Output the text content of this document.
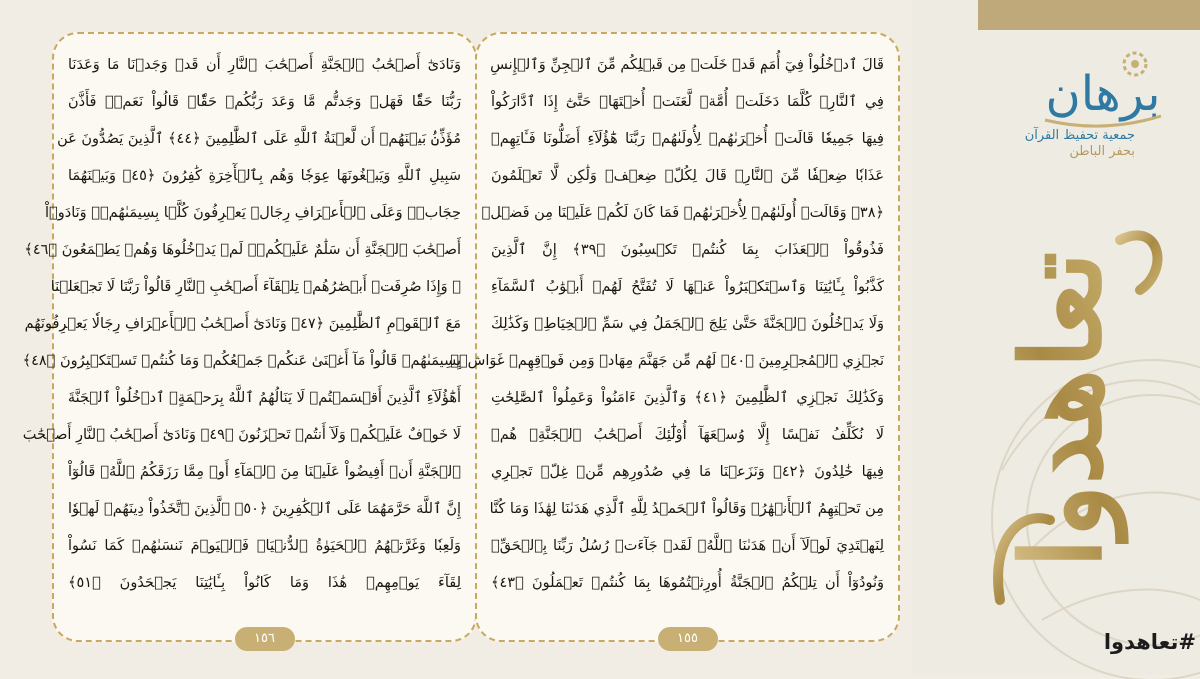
وَنَادَىٰٓ أَصۡحَٰبُ ٱلۡجَنَّةِ أَصۡحَٰبَ ٱلنَّارِ أَن قَدۡ وَجَدۡنَا مَا وَعَدَنَا
رَبُّنَا حَقّٗا فَهَلۡ وَجَدتُّم مَّا وَعَدَ رَبُّكُمۡ حَقّٗاۖ قَالُواْ نَعَمۡۚ فَأَذَّنَ
مُؤَذِّنُۢ بَيۡنَهُمۡ أَن لَّعۡنَةُ ٱللَّهِ عَلَى ٱلظَّٰلِمِينَ ﴿٤٤﴾ ٱلَّذِينَ يَصُدُّونَ عَن
سَبِيلِ ٱللَّهِ وَيَبۡغُونَهَا عِوَجٗا وَهُم بِٱلۡأٓخِرَةِ كَٰفِرُونَ ﴿٤٥﴾ وَبَيۡنَهُمَا
حِجَابٞۚ وَعَلَى ٱلۡأَعۡرَافِ رِجَالٞ يَعۡرِفُونَ كُلَّۢا بِسِيمَىٰهُمۡۚ وَنَادَوۡاْ
أَصۡحَٰبَ ٱلۡجَنَّةِ أَن سَلَٰمٌ عَلَيۡكُمۡۚ لَمۡ يَدۡخُلُوهَا وَهُمۡ يَطۡمَعُونَ ﴿٤٦﴾
۞ وَإِذَا صُرِفَتۡ أَبۡصَٰرُهُمۡ تِلۡقَآءَ أَصۡحَٰبِ ٱلنَّارِ قَالُواْ رَبَّنَا لَا تَجۡعَلۡنَا
مَعَ ٱلۡقَوۡمِ ٱلظَّٰلِمِينَ ﴿٤٧﴾ وَنَادَىٰٓ أَصۡحَٰبُ ٱلۡأَعۡرَافِ رِجَالٗا يَعۡرِفُونَهُم
بِسِيمَىٰهُمۡ قَالُواْ مَآ أَغۡنَىٰ عَنكُمۡ جَمۡعُكُمۡ وَمَا كُنتُمۡ تَسۡتَكۡبِرُونَ ﴿٤٨﴾
أَهَٰٓؤُلَآءِ ٱلَّذِينَ أَقۡسَمۡتُمۡ لَا يَنَالُهُمُ ٱللَّهُ بِرَحۡمَةٍۚ ٱدۡخُلُواْ ٱلۡجَنَّةَ
لَا خَوۡفٌ عَلَيۡكُمۡ وَلَآ أَنتُمۡ تَحۡزَنُونَ ﴿٤٩﴾ وَنَادَىٰٓ أَصۡحَٰبُ ٱلنَّارِ أَصۡحَٰبَ
ٱلۡجَنَّةِ أَنۡ أَفِيضُواْ عَلَيۡنَا مِنَ ٱلۡمَآءِ أَوۡ مِمَّا رَزَقَكُمُ ٱللَّهُۚ قَالُوٓاْ
إِنَّ ٱللَّهَ حَرَّمَهُمَا عَلَى ٱلۡكَٰفِرِينَ ﴿٥٠﴾ ٱلَّذِينَ ٱتَّخَذُواْ دِينَهُمۡ لَهۡوٗا
وَلَعِبٗا وَغَرَّتۡهُمُ ٱلۡحَيَوٰةُ ٱلدُّنۡيَاۚ فَٱلۡيَوۡمَ نَنسَىٰهُمۡ كَمَا نَسُواْ
لِقَآءَ يَوۡمِهِمۡ هَٰذَا وَمَا كَانُواْ بِـَٔايَٰتِنَا يَجۡحَدُونَ ﴿٥١﴾
١٥٦
قَالَ ٱدۡخُلُواْ فِيٓ أُمَمٖ قَدۡ خَلَتۡ مِن قَبۡلِكُم مِّنَ ٱلۡجِنِّ وَٱلۡإِنسِ
فِي ٱلنَّارِۖ كُلَّمَا دَخَلَتۡ أُمَّةٞ لَّعَنَتۡ أُخۡتَهَاۖ حَتَّىٰٓ إِذَا ٱدَّارَكُواْ
فِيهَا جَمِيعٗا قَالَتۡ أُخۡرَىٰهُمۡ لِأُولَىٰهُمۡ رَبَّنَا هَٰٓؤُلَآءِ أَضَلُّونَا فَـَٔاتِهِمۡ
عَذَابٗا ضِعۡفٗا مِّنَ ٱلنَّارِۖ قَالَ لِكُلّٖ ضِعۡفٞ وَلَٰكِن لَّا تَعۡلَمُونَ
﴿٣٨﴾ وَقَالَتۡ أُولَىٰهُمۡ لِأُخۡرَىٰهُمۡ فَمَا كَانَ لَكُمۡ عَلَيۡنَا مِن فَضۡلٖ
فَذُوقُواْ ٱلۡعَذَابَ بِمَا كُنتُمۡ تَكۡسِبُونَ ﴿٣٩﴾ إِنَّ ٱلَّذِينَ
كَذَّبُواْ بِـَٔايَٰتِنَا وَٱسۡتَكۡبَرُواْ عَنۡهَا لَا تُفَتَّحُ لَهُمۡ أَبۡوَٰبُ ٱلسَّمَآءِ
وَلَا يَدۡخُلُونَ ٱلۡجَنَّةَ حَتَّىٰ يَلِجَ ٱلۡجَمَلُ فِي سَمِّ ٱلۡخِيَاطِۚ وَكَذَٰلِكَ
نَجۡزِي ٱلۡمُجۡرِمِينَ ﴿٤٠﴾ لَهُم مِّن جَهَنَّمَ مِهَادٞ وَمِن فَوۡقِهِمۡ غَوَاشٖۚ
وَكَذَٰلِكَ نَجۡزِي ٱلظَّٰلِمِينَ ﴿٤١﴾ وَٱلَّذِينَ ءَامَنُواْ وَعَمِلُواْ ٱلصَّٰلِحَٰتِ
لَا نُكَلِّفُ نَفۡسًا إِلَّا وُسۡعَهَآ أُوْلَٰٓئِكَ أَصۡحَٰبُ ٱلۡجَنَّةِۖ هُمۡ
فِيهَا خَٰلِدُونَ ﴿٤٢﴾ وَنَزَعۡنَا مَا فِي صُدُورِهِم مِّنۡ غِلّٖ تَجۡرِي
مِن تَحۡتِهِمُ ٱلۡأَنۡهَٰرُۖ وَقَالُواْ ٱلۡحَمۡدُ لِلَّهِ ٱلَّذِي هَدَىٰنَا لِهَٰذَا وَمَا كُنَّا
لِنَهۡتَدِيَ لَوۡلَآ أَنۡ هَدَىٰنَا ٱللَّهُۖ لَقَدۡ جَآءَتۡ رُسُلُ رَبِّنَا بِٱلۡحَقِّۖ
وَنُودُوٓاْ أَن تِلۡكُمُ ٱلۡجَنَّةُ أُورِثۡتُمُوهَا بِمَا كُنتُمۡ تَعۡمَلُونَ ﴿٤٣﴾
١٥٥
برهان
جمعية تحفيظ القرآن
بحفر الباطن
تعاهدوا
#تعاهدوا
